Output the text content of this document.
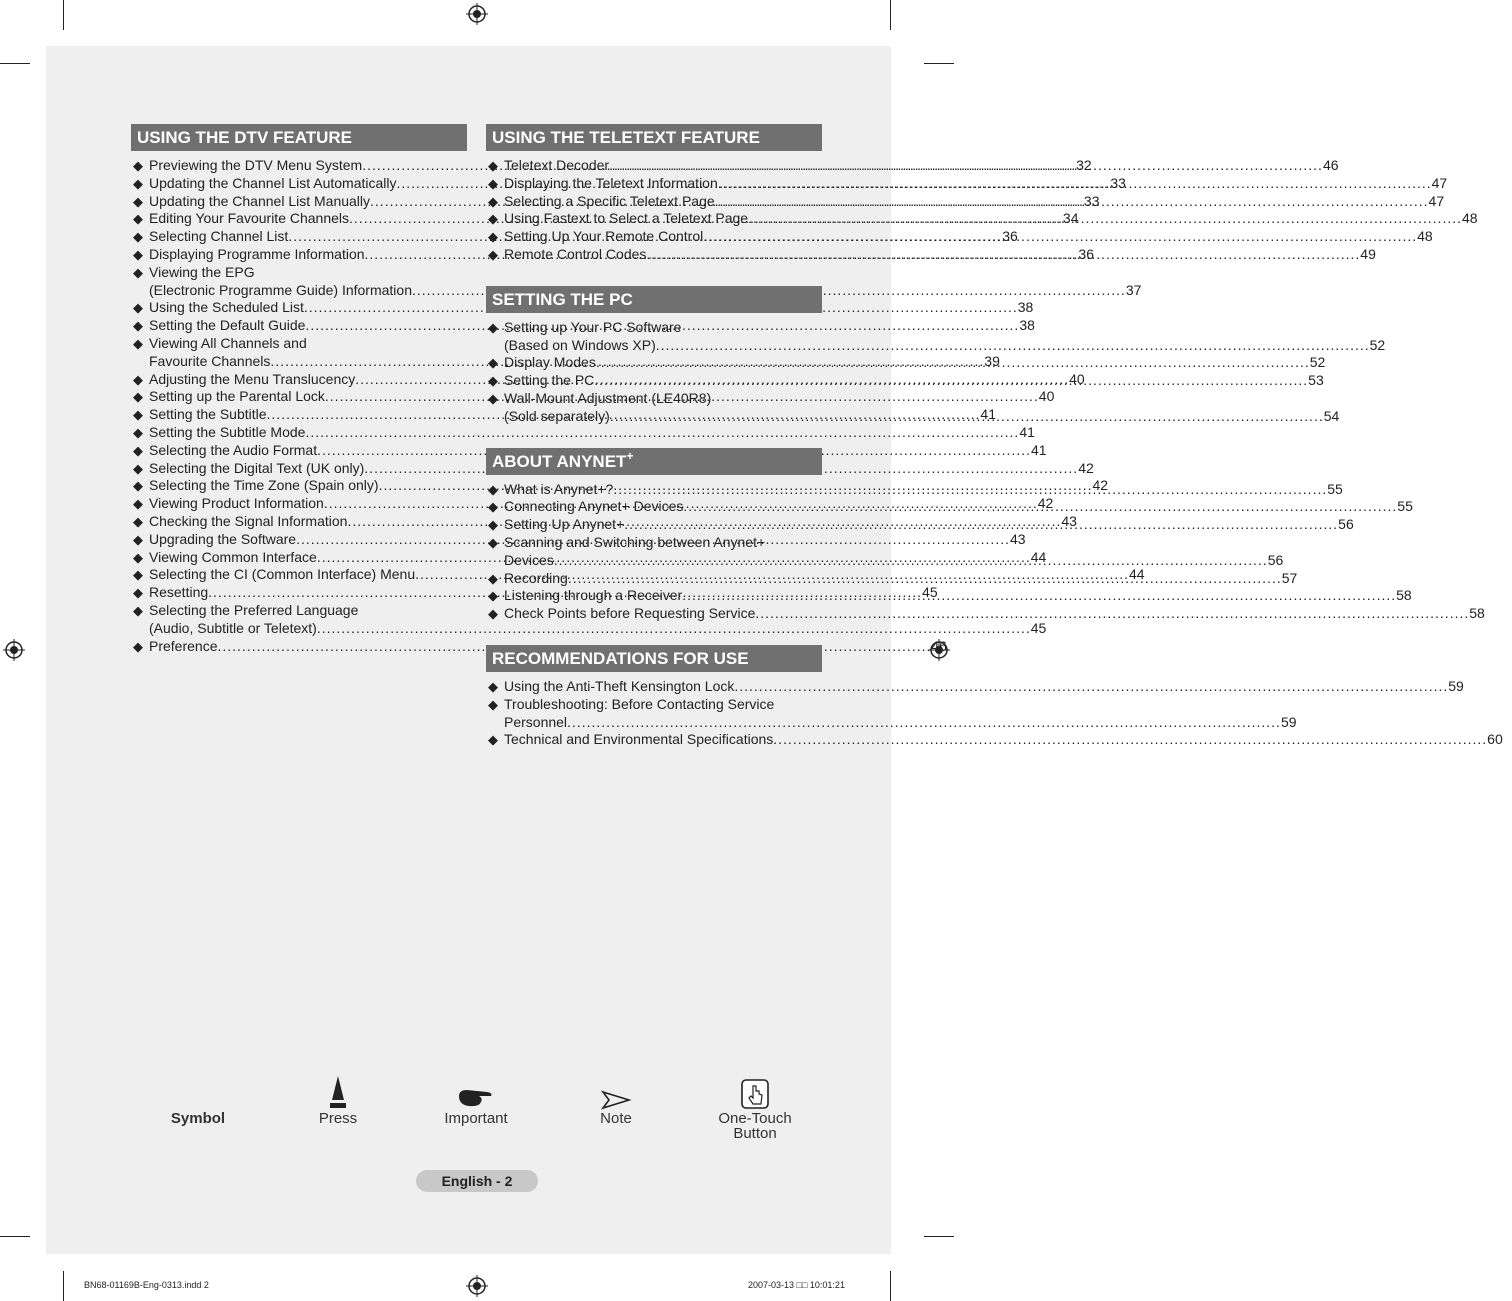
USING THE DTV FEATURE
◆ Previewing the DTV Menu System .....	32
◆ Updating the Channel List Automatically .....	33
◆ Updating the Channel List Manually .....	33
◆ Editing Your Favourite Channels .....	34
◆ Selecting Channel List .....	36
◆ Displaying Programme Information .....	36
◆ Viewing the EPG
(Electronic Programme Guide) Information .....	37
◆ Using the Scheduled List .....	38
◆ Setting the Default Guide .....	38
◆ Viewing All Channels and
Favourite Channels .....	39
◆ Adjusting the Menu Translucency .....	40
◆ Setting up the Parental Lock .....	40
◆ Setting the Subtitle .....	41
◆ Setting the Subtitle Mode .....	41
◆ Selecting the Audio Format .....	41
◆ Selecting the Digital Text (UK only) .....	42
◆ Selecting the Time Zone (Spain only) .....	42
◆ Viewing Product Information .....	42
◆ Checking the Signal Information .....	43
◆ Upgrading the Software .....	43
◆ Viewing Common Interface .....	44
◆ Selecting the CI (Common Interface) Menu .....	44
◆ Resetting .....	45
◆ Selecting the Preferred Language
(Audio, Subtitle or Teletext) .....	45
◆ Preference .....	46
USING THE TELETEXT FEATURE
◆ Teletext Decoder .....	46
◆ Displaying the Teletext Information .....	47
◆ Selecting a Specific Teletext Page .....	47
◆ Using Fastext to Select a Teletext Page .....	48
◆ Setting Up Your Remote Control .....	48
◆ Remote Control Codes .....	49
SETTING THE PC
◆ Setting up Your PC Software
(Based on Windows XP) .....	52
◆ Display Modes .....	52
◆ Setting the PC .....	53
◆ Wall-Mount Adjustment (LE40R8)
(Sold separately) .....	54
ABOUT ANYNET+
◆ What is Anynet+? .....	55
◆ Connecting Anynet+ Devices .....	55
◆ Setting Up Anynet+ .....	56
◆ Scanning and Switching between Anynet+
Devices .....	56
◆ Recording .....	57
◆ Listening through a Receiver .....	58
◆ Check Points before Requesting Service .....	58
RECOMMENDATIONS FOR USE
◆ Using the Anti-Theft Kensington Lock .....	59
◆ Troubleshooting: Before Contacting Service
Personnel .....	59
◆ Technical and Environmental Specifications .....	60
Symbol	Press	Important	Note	One-Touch
Button
English - 2
BN68-01169B-Eng-0313.indd 2	2007-03-13 □□ 10:01:21
